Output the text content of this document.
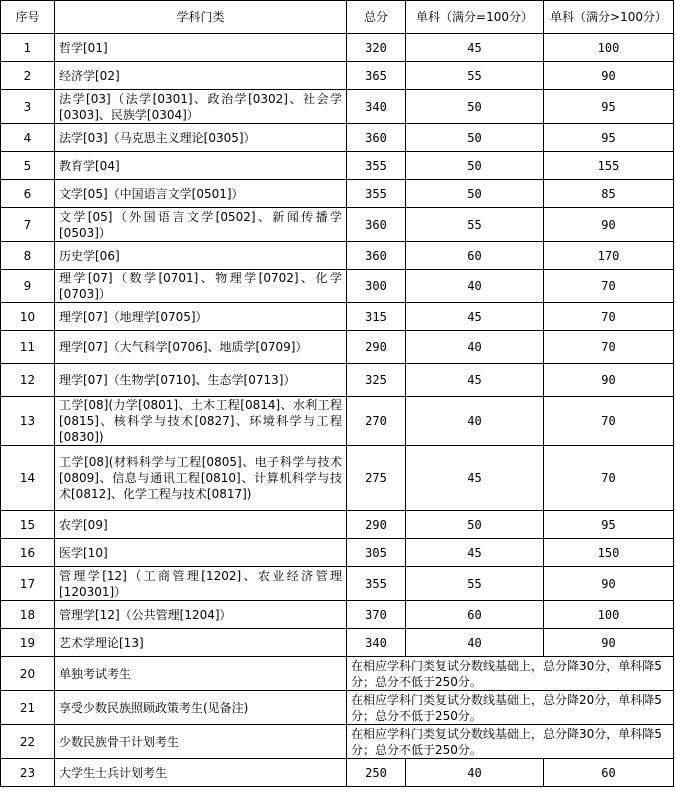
序号	学科门类	总分	单科（满分=100分）	单科（满分>100分）
1	哲学[01]	320	45	100
2	经济学[02]	365	55	90
3	法学[03]（法学[0301]、政治学[0302]、社会学[0303]、民族学[0304]）	340	50	95
4	法学[03]（马克思主义理论[0305]）	360	50	95
5	教育学[04]	355	50	155
6	文学[05]（中国语言文学[0501]）	355	50	85
7	文学[05]（外国语言文学[0502]、新闻传播学[0503]）	360	55	90
8	历史学[06]	360	60	170
9	理学[07]（数学[0701]、物理学[0702]、化学[0703]）	300	40	70
10	理学[07]（地理学[0705]）	315	45	70
11	理学[07]（大气科学[0706]、地质学[0709]）	290	40	70
12	理学[07]（生物学[0710]、生态学[0713]）	325	45	90
13	工学[08](力学[0801]、土木工程[0814]、水利工程[0815]、核科学与技术[0827]、环境科学与工程[0830])	270	40	70
14	工学[08](材料科学与工程[0805]、电子科学与技术[0809]、信息与通讯工程[0810]、计算机科学与技术[0812]、化学工程与技术[0817])	275	45	70
15	农学[09]	290	50	95
16	医学[10]	305	45	150
17	管理学[12]（工商管理[1202]、农业经济管理[120301]）	355	55	90
18	管理学[12]（公共管理[1204]）	370	60	100
19	艺术学理论[13]	340	40	90
20	单独考试考生	在相应学科门类复试分数线基础上，总分降30分，单科降5分；总分不低于250分。		
21	享受少数民族照顾政策考生(见备注)	在相应学科门类复试分数线基础上，总分降20分，单科降5分；总分不低于250分。		
22	少数民族骨干计划考生	在相应学科门类复试分数线基础上，总分降30分，单科降5分；总分不低于250分。		
23	大学生士兵计划考生	250	40	60
